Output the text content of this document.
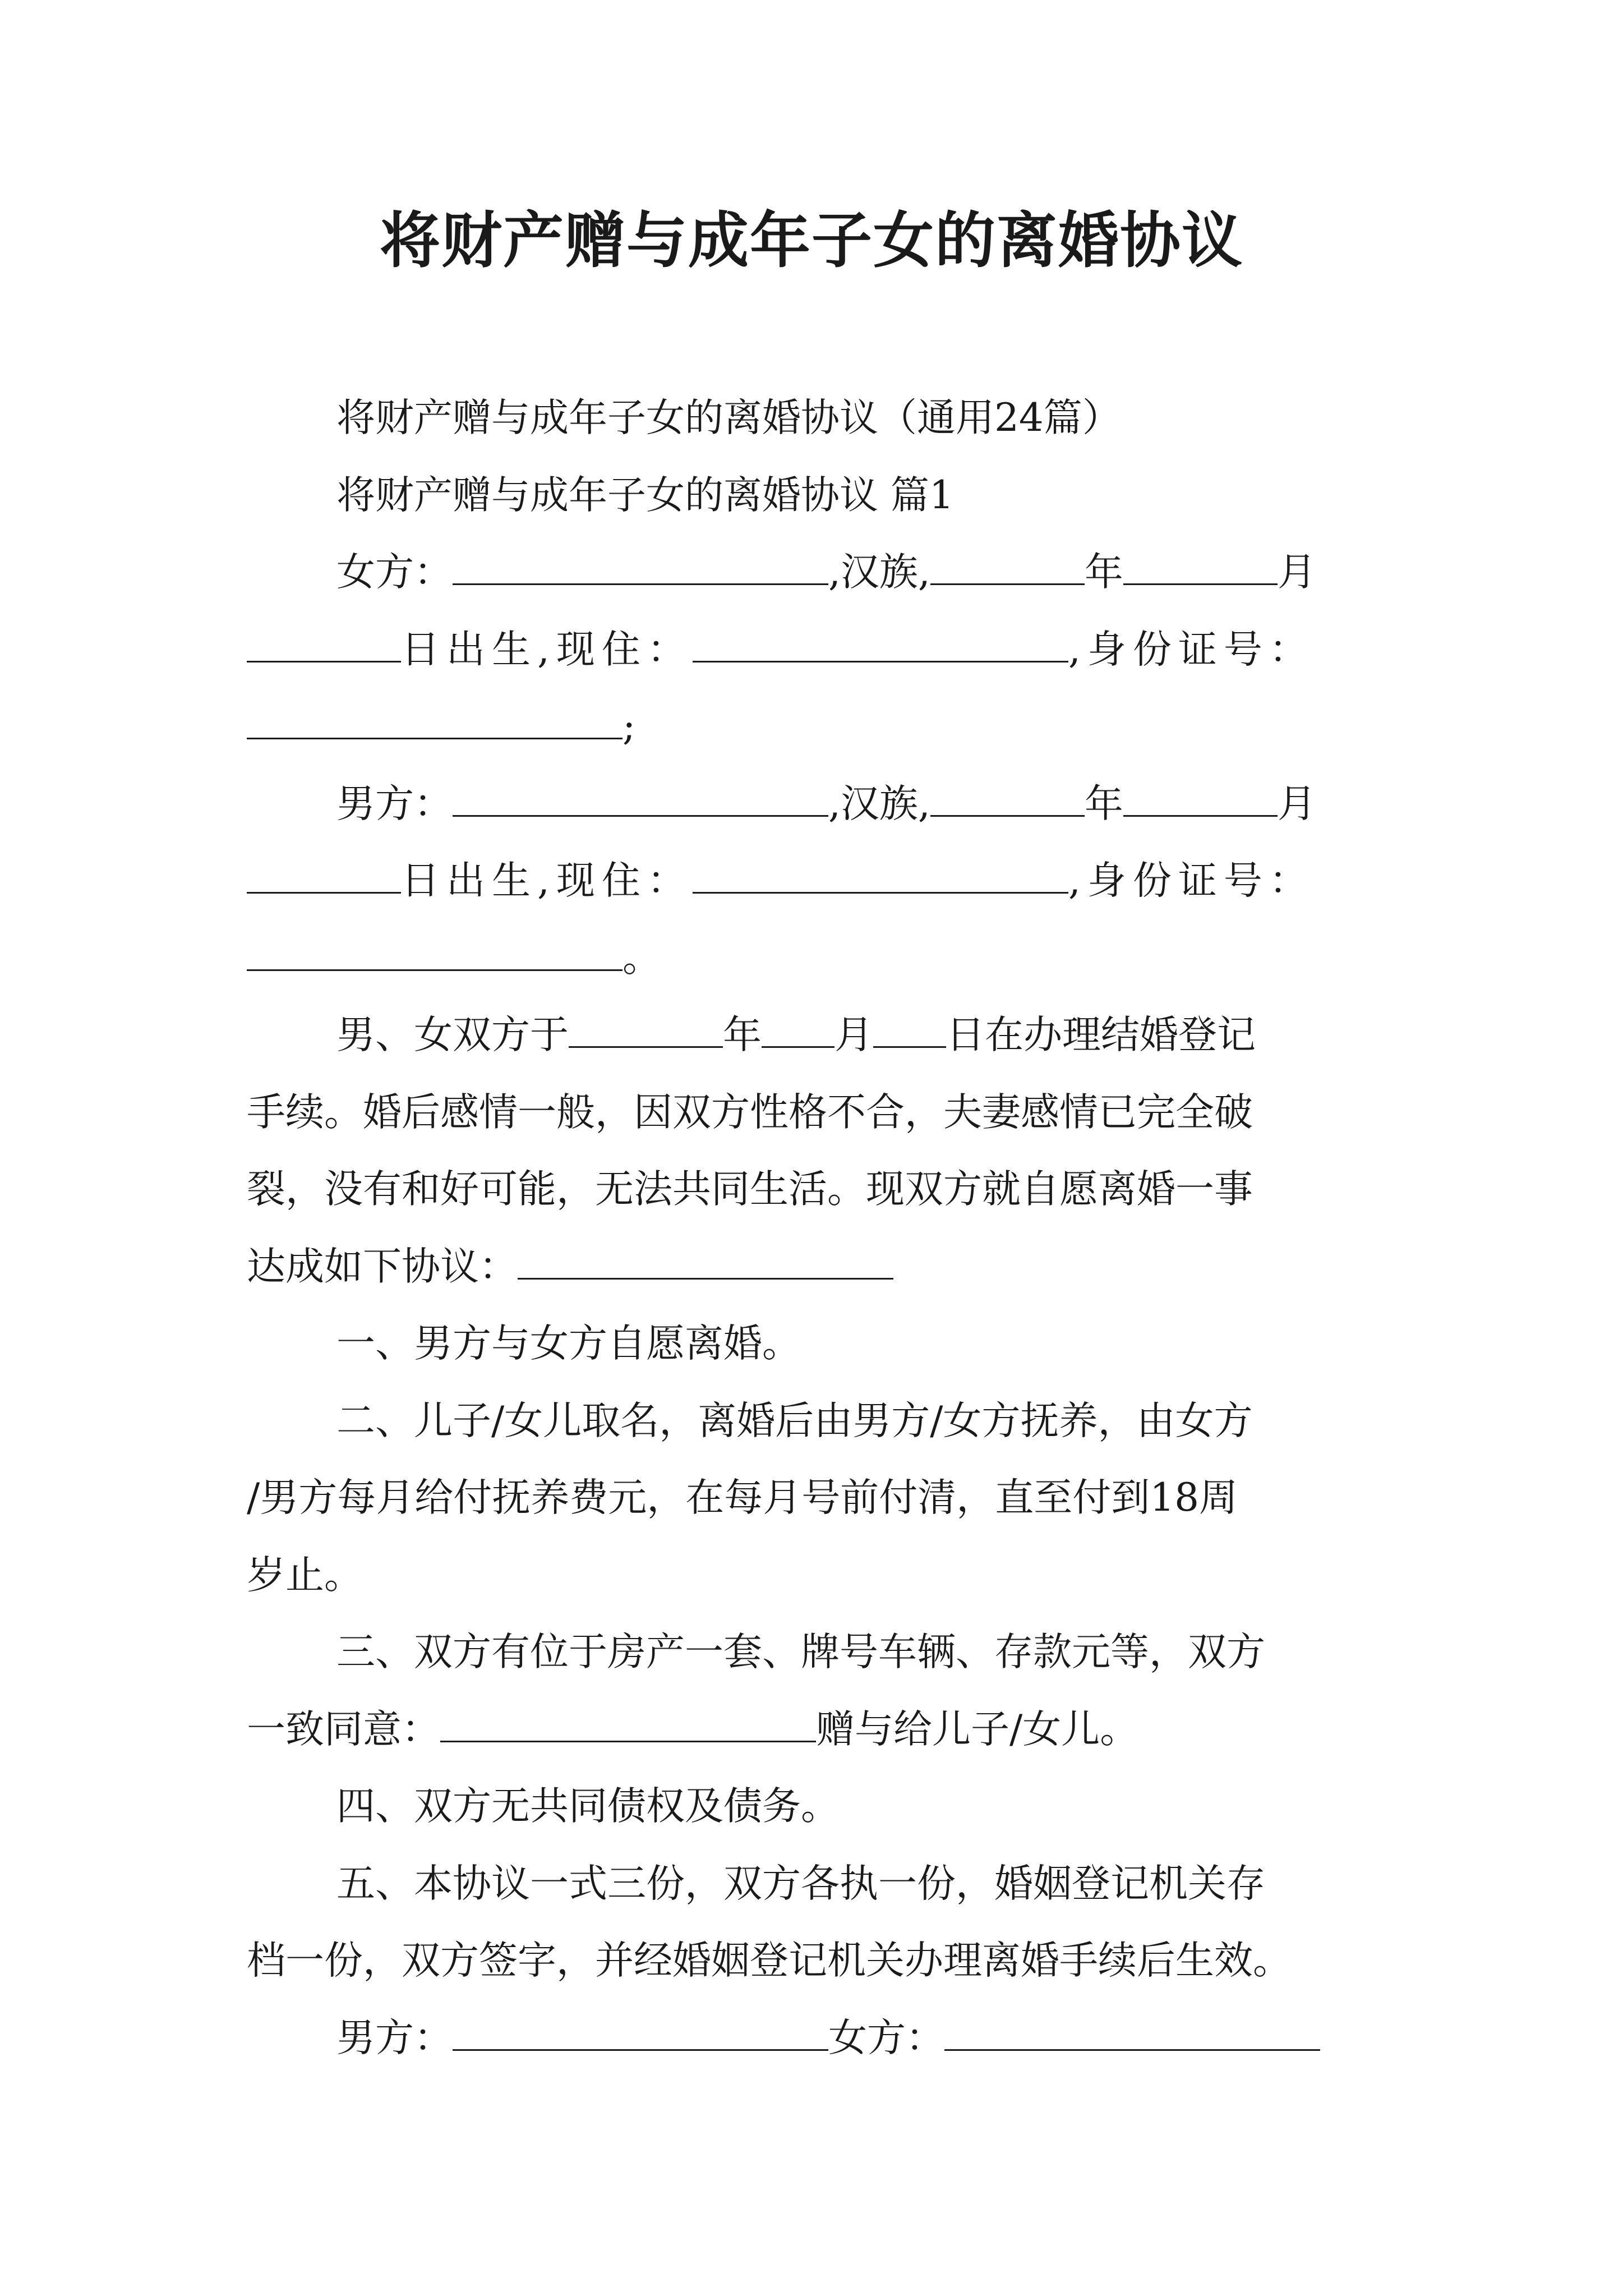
将财产赠与成年子女的离婚协议
将财产赠与成年子女的离婚协议（通用24篇）
将财产赠与成年子女的离婚协议 篇1
女方：	,汉族,	年	月
日出生,现住：	,身份证号：
;
男方：	,汉族,	年	月
日出生,现住：	,身份证号：
。
男、女双方于	年 月 日在办理结婚登记
手续。婚后感情一般，因双方性格不合，夫妻感情已完全破
裂，没有和好可能，无法共同生活。现双方就自愿离婚一事
达成如下协议：
一、男方与女方自愿离婚。
二、儿子/女儿取名，离婚后由男方/女方抚养，由女方
/男方每月给付抚养费元，在每月号前付清，直至付到18周
岁止。
三、双方有位于房产一套、牌号车辆、存款元等，双方
一致同意：	赠与给儿子/女儿。
四、双方无共同债权及债务。
五、本协议一式三份，双方各执一份，婚姻登记机关存
档一份，双方签字，并经婚姻登记机关办理离婚手续后生效。
男方：	女方：
